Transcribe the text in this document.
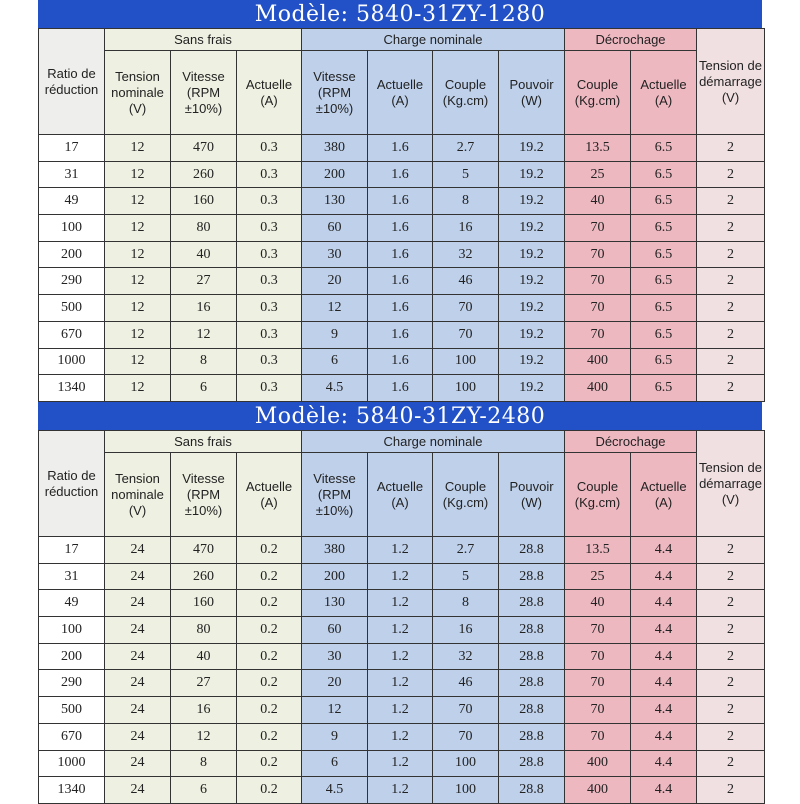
Modèle: 5840-31ZY-1280
Ratio de réduction	Sans frais			Charge nominale				Décrochage		Tension de démarrage (V)
	Tension nominale (V)	Vitesse (RPM ±10%)	Actuelle (A)	Vitesse (RPM ±10%)	Actuelle (A)	Couple (Kg.cm)	Pouvoir (W)	Couple (Kg.cm)	Actuelle (A)	
17	12	470	0.3	380	1.6	2.7	19.2	13.5	6.5	2
31	12	260	0.3	200	1.6	5	19.2	25	6.5	2
49	12	160	0.3	130	1.6	8	19.2	40	6.5	2
100	12	80	0.3	60	1.6	16	19.2	70	6.5	2
200	12	40	0.3	30	1.6	32	19.2	70	6.5	2
290	12	27	0.3	20	1.6	46	19.2	70	6.5	2
500	12	16	0.3	12	1.6	70	19.2	70	6.5	2
670	12	12	0.3	9	1.6	70	19.2	70	6.5	2
1000	12	8	0.3	6	1.6	100	19.2	400	6.5	2
1340	12	6	0.3	4.5	1.6	100	19.2	400	6.5	2
Modèle: 5840-31ZY-2480
Ratio de réduction	Sans frais			Charge nominale				Décrochage		Tension de démarrage (V)
	Tension nominale (V)	Vitesse (RPM ±10%)	Actuelle (A)	Vitesse (RPM ±10%)	Actuelle (A)	Couple (Kg.cm)	Pouvoir (W)	Couple (Kg.cm)	Actuelle (A)	
17	24	470	0.2	380	1.2	2.7	28.8	13.5	4.4	2
31	24	260	0.2	200	1.2	5	28.8	25	4.4	2
49	24	160	0.2	130	1.2	8	28.8	40	4.4	2
100	24	80	0.2	60	1.2	16	28.8	70	4.4	2
200	24	40	0.2	30	1.2	32	28.8	70	4.4	2
290	24	27	0.2	20	1.2	46	28.8	70	4.4	2
500	24	16	0.2	12	1.2	70	28.8	70	4.4	2
670	24	12	0.2	9	1.2	70	28.8	70	4.4	2
1000	24	8	0.2	6	1.2	100	28.8	400	4.4	2
1340	24	6	0.2	4.5	1.2	100	28.8	400	4.4	2
